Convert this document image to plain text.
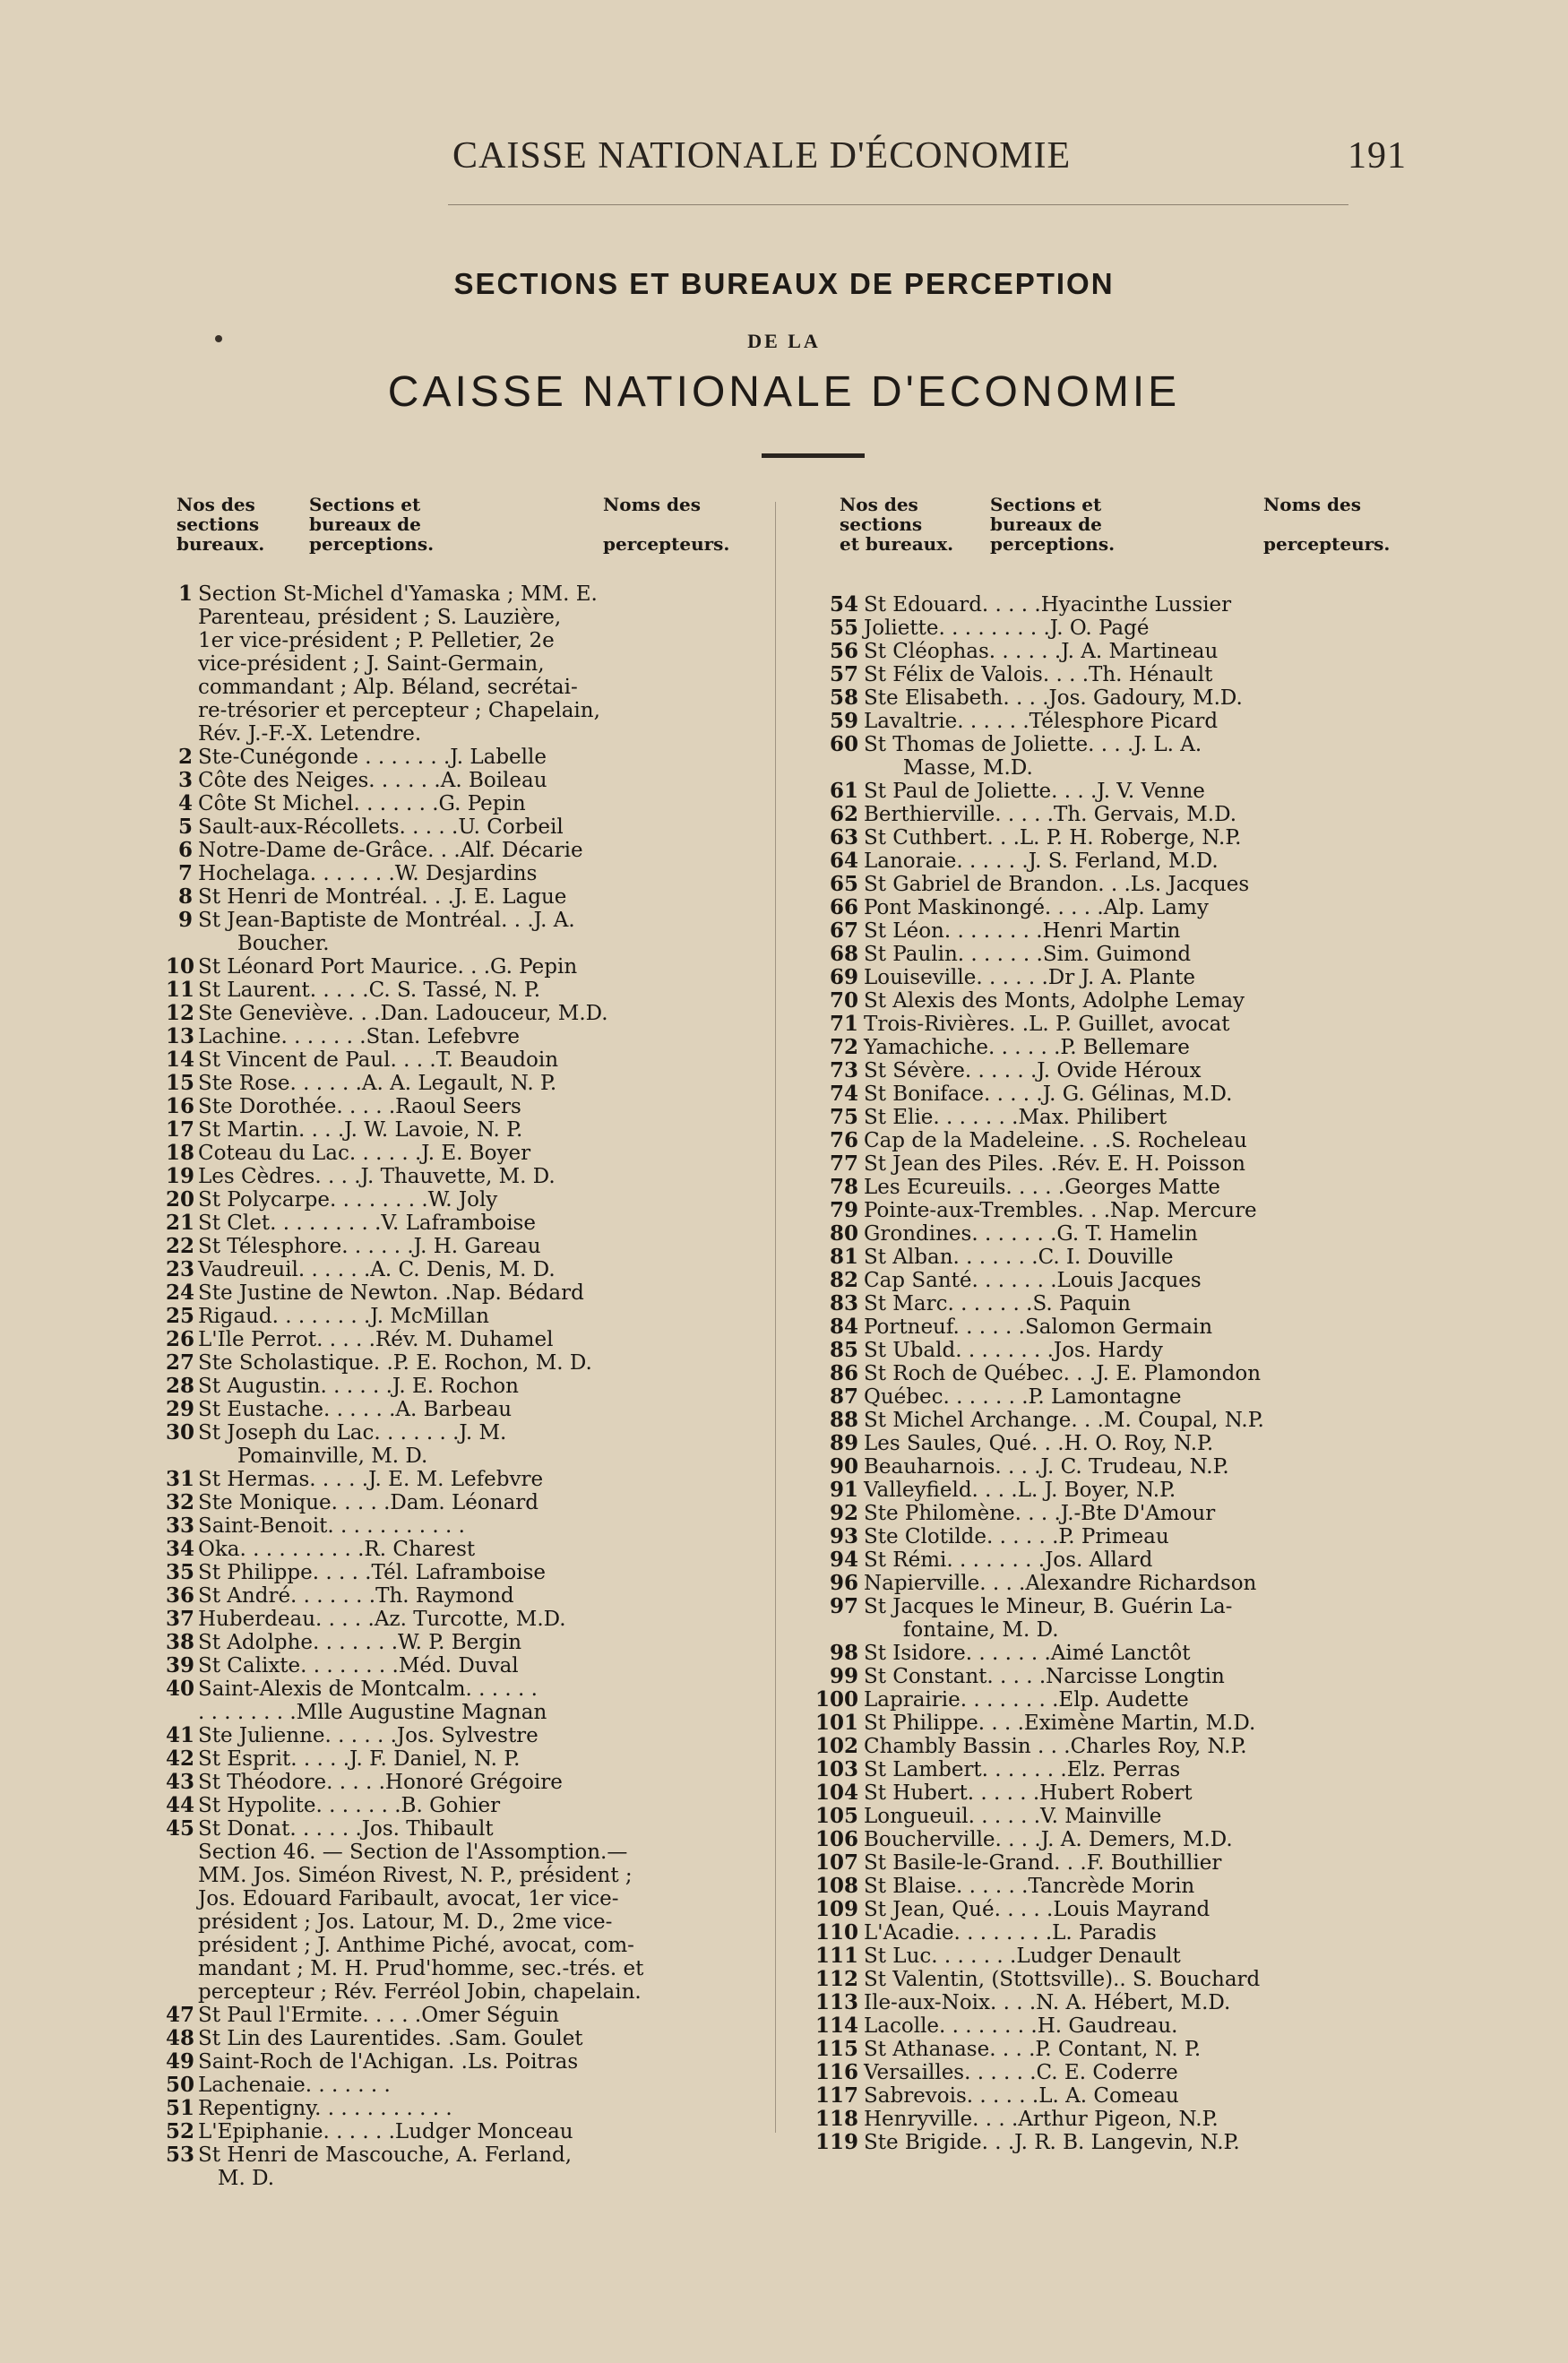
CAISSE NATIONALE D'ÉCONOMIE	191
SECTIONS ET BUREAUX DE PERCEPTION
DE LA
CAISSE NATIONALE D'ECONOMIE
Nos des
sections
bureaux.
Sections et
bureaux de
perceptions.
Noms des

percepteurs.
1 Section St-Michel d'Yamaska ; MM. E.
Parenteau, président ; S. Lauzière,
1er vice-président ; P. Pelletier, 2e
vice-président ; J. Saint-Germain,
commandant ; Alp. Béland, secrétai-
re-trésorier et percepteur ; Chapelain,
Rév. J.-F.-X. Letendre.
2 Ste-Cunégonde . . . . . . .J. Labelle
3 Côte des Neiges. . . . . .A. Boileau
4 Côte St Michel. . . . . . .G. Pepin
5 Sault-aux-Récollets. . . . .U. Corbeil
6 Notre-Dame de-Grâce. . .Alf. Décarie
7 Hochelaga. . . . . . .W. Desjardins
8 St Henri de Montréal. . .J. E. Lague
9 St Jean-Baptiste de Montréal. . .J. A.
Boucher.
10 St Léonard Port Maurice. . .G. Pepin
11 St Laurent. . . . .C. S. Tassé, N. P.
12 Ste Geneviève. . .Dan. Ladouceur, M.D.
13 Lachine. . . . . . .Stan. Lefebvre
14 St Vincent de Paul. . . .T. Beaudoin
15 Ste Rose. . . . . .A. A. Legault, N. P.
16 Ste Dorothée. . . . .Raoul Seers
17 St Martin. . . .J. W. Lavoie, N. P.
18 Coteau du Lac. . . . . .J. E. Boyer
19 Les Cèdres. . . .J. Thauvette, M. D.
20 St Polycarpe. . . . . . . .W. Joly
21 St Clet. . . . . . . . .V. Laframboise
22 St Télesphore. . . . . .J. H. Gareau
23 Vaudreuil. . . . . .A. C. Denis, M. D.
24 Ste Justine de Newton. .Nap. Bédard
25 Rigaud. . . . . . . .J. McMillan
26 L'Ile Perrot. . . . .Rév. M. Duhamel
27 Ste Scholastique. .P. E. Rochon, M. D.
28 St Augustin. . . . . .J. E. Rochon
29 St Eustache. . . . . .A. Barbeau
30 St Joseph du Lac. . . . . . .J. M.
Pomainville, M. D.
31 St Hermas. . . . .J. E. M. Lefebvre
32 Ste Monique. . . . .Dam. Léonard
33 Saint-Benoit. . . . . . . . . . .
34 Oka. . . . . . . . . .R. Charest
35 St Philippe. . . . .Tél. Laframboise
36 St André. . . . . . .Th. Raymond
37 Huberdeau. . . . .Az. Turcotte, M.D.
38 St Adolphe. . . . . . .W. P. Bergin
39 St Calixte. . . . . . . .Méd. Duval
40 Saint-Alexis de Montcalm. . . . . .
. . . . . . . .Mlle Augustine Magnan
41 Ste Julienne. . . . . .Jos. Sylvestre
42 St Esprit. . . . .J. F. Daniel, N. P.
43 St Théodore. . . . .Honoré Grégoire
44 St Hypolite. . . . . . .B. Gohier
45 St Donat. . . . . .Jos. Thibault
Section 46. — Section de l'Assomption.—
MM. Jos. Siméon Rivest, N. P., président ;
Jos. Edouard Faribault, avocat, 1er vice-
président ; Jos. Latour, M. D., 2me vice-
président ; J. Anthime Piché, avocat, com-
mandant ; M. H. Prud'homme, sec.-trés. et
percepteur ; Rév. Ferréol Jobin, chapelain.
47 St Paul l'Ermite. . . . .Omer Séguin
48 St Lin des Laurentides. .Sam. Goulet
49 Saint-Roch de l'Achigan. .Ls. Poitras
50 Lachenaie. . . . . . .
51 Repentigny. . . . . . . . . . .
52 L'Epiphanie. . . . . .Ludger Monceau
53 St Henri de Mascouche, A. Ferland,
M. D.
Nos des
sections
et bureaux.
Sections et
bureaux de
perceptions.
Noms des

percepteurs.
54 St Edouard. . . . .Hyacinthe Lussier
55 Joliette. . . . . . . . .J. O. Pagé
56 St Cléophas. . . . . .J. A. Martineau
57 St Félix de Valois. . . .Th. Hénault
58 Ste Elisabeth. . . .Jos. Gadoury, M.D.
59 Lavaltrie. . . . . .Télesphore Picard
60 St Thomas de Joliette. . . .J. L. A.
Masse, M.D.
61 St Paul de Joliette. . . .J. V. Venne
62 Berthierville. . . . .Th. Gervais, M.D.
63 St Cuthbert. . .L. P. H. Roberge, N.P.
64 Lanoraie. . . . . .J. S. Ferland, M.D.
65 St Gabriel de Brandon. . .Ls. Jacques
66 Pont Maskinongé. . . . .Alp. Lamy
67 St Léon. . . . . . . .Henri Martin
68 St Paulin. . . . . . .Sim. Guimond
69 Louiseville. . . . . .Dr J. A. Plante
70 St Alexis des Monts, Adolphe Lemay
71 Trois-Rivières. .L. P. Guillet, avocat
72 Yamachiche. . . . . .P. Bellemare
73 St Sévère. . . . . .J. Ovide Héroux
74 St Boniface. . . . .J. G. Gélinas, M.D.
75 St Elie. . . . . . .Max. Philibert
76 Cap de la Madeleine. . .S. Rocheleau
77 St Jean des Piles. .Rév. E. H. Poisson
78 Les Ecureuils. . . . .Georges Matte
79 Pointe-aux-Trembles. . .Nap. Mercure
80 Grondines. . . . . . .G. T. Hamelin
81 St Alban. . . . . . .C. I. Douville
82 Cap Santé. . . . . . .Louis Jacques
83 St Marc. . . . . . .S. Paquin
84 Portneuf. . . . . .Salomon Germain
85 St Ubald. . . . . . . .Jos. Hardy
86 St Roch de Québec. . .J. E. Plamondon
87 Québec. . . . . . .P. Lamontagne
88 St Michel Archange. . .M. Coupal, N.P.
89 Les Saules, Qué. . .H. O. Roy, N.P.
90 Beauharnois. . . .J. C. Trudeau, N.P.
91 Valleyfield. . . .L. J. Boyer, N.P.
92 Ste Philomène. . . .J.-Bte D'Amour
93 Ste Clotilde. . . . . .P. Primeau
94 St Rémi. . . . . . . .Jos. Allard
96 Napierville. . . .Alexandre Richardson
97 St Jacques le Mineur, B. Guérin La-
fontaine, M. D.
98 St Isidore. . . . . . .Aimé Lanctôt
99 St Constant. . . . .Narcisse Longtin
100 Laprairie. . . . . . . .Elp. Audette
101 St Philippe. . . .Eximène Martin, M.D.
102 Chambly Bassin . . .Charles Roy, N.P.
103 St Lambert. . . . . . .Elz. Perras
104 St Hubert. . . . . .Hubert Robert
105 Longueuil. . . . . .V. Mainville
106 Boucherville. . . .J. A. Demers, M.D.
107 St Basile-le-Grand. . .F. Bouthillier
108 St Blaise. . . . . .Tancrède Morin
109 St Jean, Qué. . . . .Louis Mayrand
110 L'Acadie. . . . . . . .L. Paradis
111 St Luc. . . . . . .Ludger Denault
112 St Valentin, (Stottsville).. S. Bouchard
113 Ile-aux-Noix. . . .N. A. Hébert, M.D.
114 Lacolle. . . . . . . .H. Gaudreau.
115 St Athanase. . . .P. Contant, N. P.
116 Versailles. . . . . .C. E. Coderre
117 Sabrevois. . . . . .L. A. Comeau
118 Henryville. . . .Arthur Pigeon, N.P.
119 Ste Brigide. . .J. R. B. Langevin, N.P.
